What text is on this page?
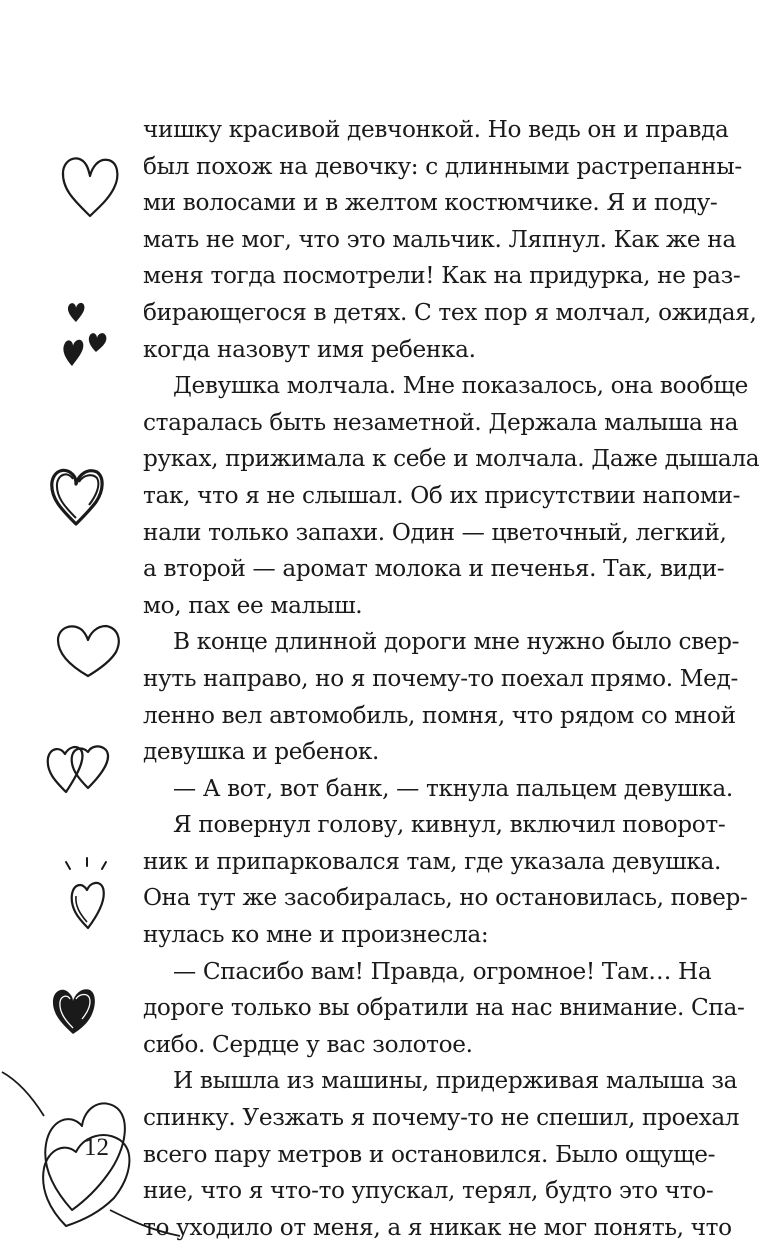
чишку красивой девчонкой. Но ведь он и правда
был похож на девочку: с длинными растрепанны-
ми волосами и в желтом костюмчике. Я и поду-
мать не мог, что это мальчик. Ляпнул. Как же на
меня тогда посмотрели! Как на придурка, не раз-
бирающегося в детях. С тех пор я молчал, ожидая,
когда назовут имя ребенка.
Девушка молчала. Мне показалось, она вообще
старалась быть незаметной. Держала малыша на
руках, прижимала к себе и молчала. Даже дышала
так, что я не слышал. Об их присутствии напоми-
нали только запахи. Один — цветочный, легкий,
а второй — аромат молока и печенья. Так, види-
мо, пах ее малыш.
В конце длинной дороги мне нужно было свер-
нуть направо, но я почему-то поехал прямо. Мед-
ленно вел автомобиль, помня, что рядом со мной
девушка и ребенок.
— А вот, вот банк, — ткнула пальцем девушка.
Я повернул голову, кивнул, включил поворот-
ник и припарковался там, где указала девушка.
Она тут же засобиралась, но остановилась, повер-
нулась ко мне и произнесла:
— Спасибо вам! Правда, огромное! Там… На
дороге только вы обратили на нас внимание. Спа-
сибо. Сердце у вас золотое.
И вышла из машины, придерживая малыша за
спинку. Уезжать я почему-то не спешил, проехал
всего пару метров и остановился. Было ощуще-
ние, что я что-то упускал, терял, будто это что-
то уходило от меня, а я никак не мог понять, что
12
